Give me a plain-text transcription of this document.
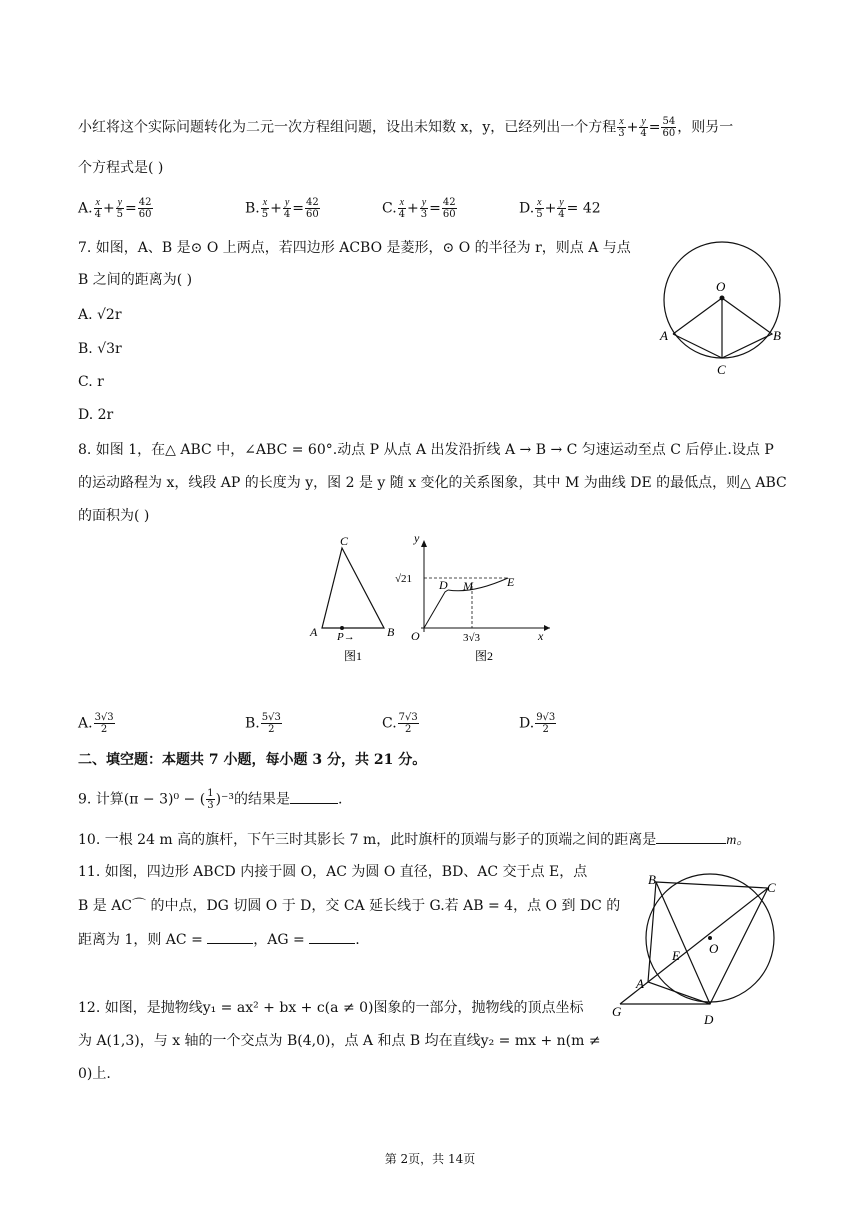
小红将这个实际问题转化为二元一次方程组问题，设出未知数 x，y，已经列出一个方程 $\frac{x}{3} + \frac{y}{4} = \frac{54}{60}$ ，则另一
个方程式是( )
A. $\frac{x}{4} + \frac{y}{5} = \frac{42}{60}$	B. $\frac{x}{5} + \frac{y}{4} = \frac{42}{60}$	C. $\frac{x}{4} + \frac{y}{3} = \frac{42}{60}$	D. $\frac{x}{5} + \frac{y}{4} = 42$
7. 如图，A、B 是⊙ O 上两点，若四边形 ACBO 是菱形，⊙ O 的半径为 r，则点 A 与点
B 之间的距离为( )
A. √2r
B. √3r
C. r
D. 2r
O
A	B
C
8. 如图 1，在△ ABC 中，∠ABC = 60°.动点 P 从点 A 出发沿折线 A → B → C 匀速运动至点 C 后停止.设点 P
的运动路程为 x，线段 AP 的长度为 y，图 2 是 y 随 x 变化的关系图象，其中 M 为曲线 DE 的最低点，则△ ABC
的面积为( )
C
A	B
P→
图1
y
x
O
D M	E
√21
3√3
图2
A. $\frac{3√3}{2}$	B. $\frac{5√3}{2}$	C. $\frac{7√3}{2}$	D. $\frac{9√3}{2}$
二、填空题：本题共 7 小题，每小题 3 分，共 21 分。
9. 计算(π − 3)⁰ − ( $\frac{1}{3} )^{-3}$的结果是	.
10. 一根 24 m 高的旗杆，下午三时其影长 7 m，此时旗杆的顶端与影子的顶端之间的距离是	m。
11. 如图，四边形 ABCD 内接于圆 O，AC 为圆 O 直径，BD、AC 交于点 E，点
B 是 AC⌒ 的中点，DG 切圆 O 于 D，交 CA 延长线于 G.若 AB = 4，点 O 到 DC 的
距离为 1，则 AC =	，AG =	.
B
C
E O
A
G
D
12. 如图，是抛物线y₁ = ax² + bx + c(a ≠ 0)图象的一部分，抛物线的顶点坐标
为 A(1,3)，与 x 轴的一个交点为 B(4,0)，点 A 和点 B 均在直线y₂ = mx + n(m ≠
0)上.
第 2页，共 14页
